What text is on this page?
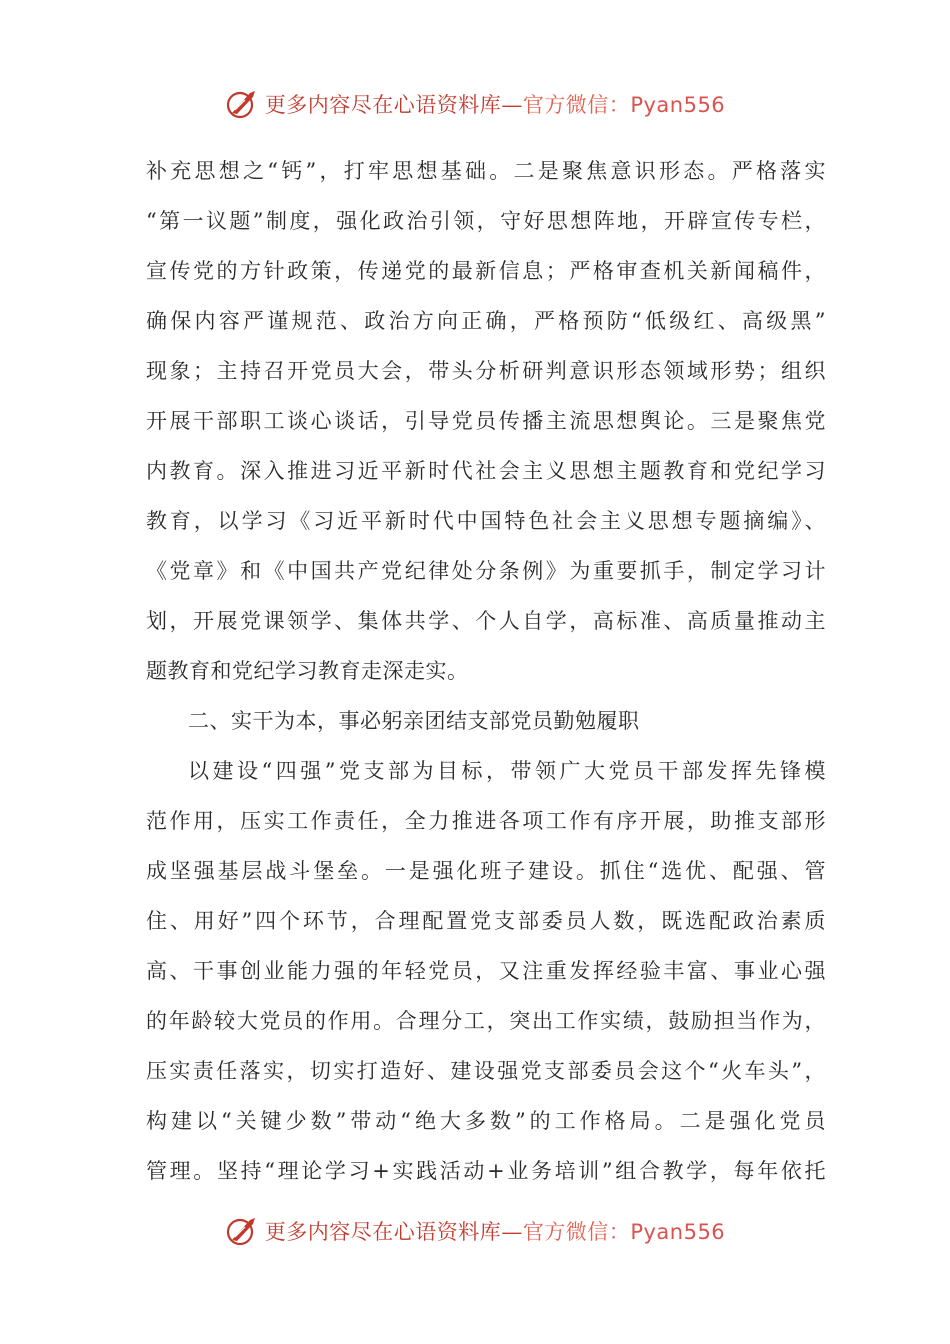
更多内容尽在心语资料库—官方微信：Pyan556
补充思想之“钙”，打牢思想基础。二是聚焦意识形态。严格落实
“第一议题”制度，强化政治引领，守好思想阵地，开辟宣传专栏，
宣传党的方针政策，传递党的最新信息；严格审查机关新闻稿件，
确保内容严谨规范、政治方向正确，严格预防“低级红、高级黑”
现象；主持召开党员大会，带头分析研判意识形态领域形势；组织
开展干部职工谈心谈话，引导党员传播主流思想舆论。三是聚焦党
内教育。深入推进习近平新时代社会主义思想主题教育和党纪学习
教育，以学习《习近平新时代中国特色社会主义思想专题摘编》、
《党章》和《中国共产党纪律处分条例》为重要抓手，制定学习计
划，开展党课领学、集体共学、个人自学，高标准、高质量推动主
题教育和党纪学习教育走深走实。
二、实干为本，事必躬亲团结支部党员勤勉履职
以建设“四强”党支部为目标，带领广大党员干部发挥先锋模
范作用，压实工作责任，全力推进各项工作有序开展，助推支部形
成坚强基层战斗堡垒。一是强化班子建设。抓住“选优、配强、管
住、用好”四个环节，合理配置党支部委员人数，既选配政治素质
高、干事创业能力强的年轻党员，又注重发挥经验丰富、事业心强
的年龄较大党员的作用。合理分工，突出工作实绩，鼓励担当作为，
压实责任落实，切实打造好、建设强党支部委员会这个“火车头”，
构建以“关键少数”带动“绝大多数”的工作格局。二是强化党员
管理。坚持“理论学习+实践活动+业务培训”组合教学，每年依托
更多内容尽在心语资料库—官方微信：Pyan556
